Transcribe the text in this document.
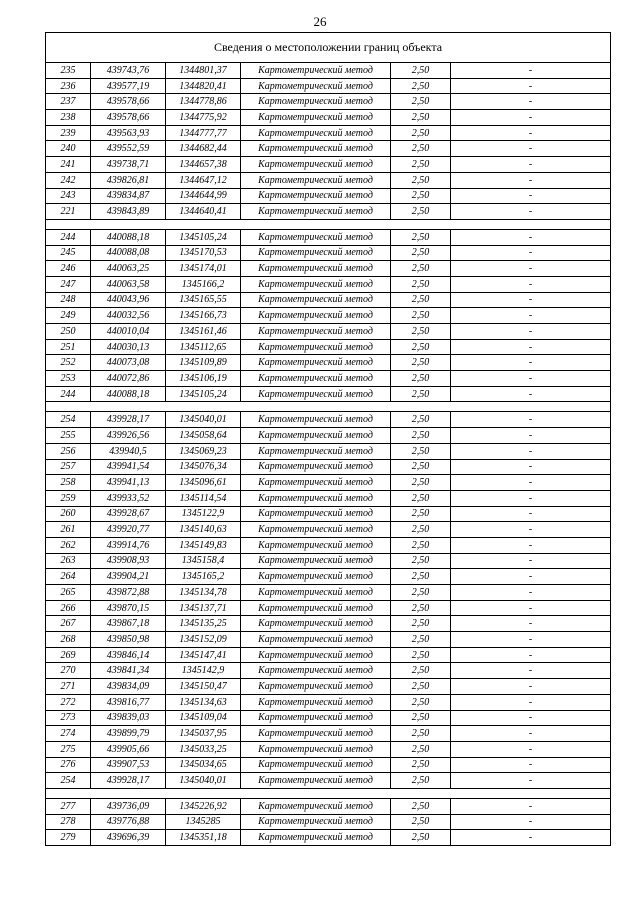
26
Сведения о местоположении границ объекта					
235	439743,76	1344801,37	Картометрический метод	2,50	-
236	439577,19	1344820,41	Картометрический метод	2,50	-
237	439578,66	1344778,86	Картометрический метод	2,50	-
238	439578,66	1344775,92	Картометрический метод	2,50	-
239	439563,93	1344777,77	Картометрический метод	2,50	-
240	439552,59	1344682,44	Картометрический метод	2,50	-
241	439738,71	1344657,38	Картометрический метод	2,50	-
242	439826,81	1344647,12	Картометрический метод	2,50	-
243	439834,87	1344644,99	Картометрический метод	2,50	-
221	439843,89	1344640,41	Картометрический метод	2,50	-

244	440088,18	1345105,24	Картометрический метод	2,50	-
245	440088,08	1345170,53	Картометрический метод	2,50	-
246	440063,25	1345174,01	Картометрический метод	2,50	-
247	440063,58	1345166,2	Картометрический метод	2,50	-
248	440043,96	1345165,55	Картометрический метод	2,50	-
249	440032,56	1345166,73	Картометрический метод	2,50	-
250	440010,04	1345161,46	Картометрический метод	2,50	-
251	440030,13	1345112,65	Картометрический метод	2,50	-
252	440073,08	1345109,89	Картометрический метод	2,50	-
253	440072,86	1345106,19	Картометрический метод	2,50	-
244	440088,18	1345105,24	Картометрический метод	2,50	-

254	439928,17	1345040,01	Картометрический метод	2,50	-
255	439926,56	1345058,64	Картометрический метод	2,50	-
256	439940,5	1345069,23	Картометрический метод	2,50	-
257	439941,54	1345076,34	Картометрический метод	2,50	-
258	439941,13	1345096,61	Картометрический метод	2,50	-
259	439933,52	1345114,54	Картометрический метод	2,50	-
260	439928,67	1345122,9	Картометрический метод	2,50	-
261	439920,77	1345140,63	Картометрический метод	2,50	-
262	439914,76	1345149,83	Картометрический метод	2,50	-
263	439908,93	1345158,4	Картометрический метод	2,50	-
264	439904,21	1345165,2	Картометрический метод	2,50	-
265	439872,88	1345134,78	Картометрический метод	2,50	-
266	439870,15	1345137,71	Картометрический метод	2,50	-
267	439867,18	1345135,25	Картометрический метод	2,50	-
268	439850,98	1345152,09	Картометрический метод	2,50	-
269	439846,14	1345147,41	Картометрический метод	2,50	-
270	439841,34	1345142,9	Картометрический метод	2,50	-
271	439834,09	1345150,47	Картометрический метод	2,50	-
272	439816,77	1345134,63	Картометрический метод	2,50	-
273	439839,03	1345109,04	Картометрический метод	2,50	-
274	439899,79	1345037,95	Картометрический метод	2,50	-
275	439905,66	1345033,25	Картометрический метод	2,50	-
276	439907,53	1345034,65	Картометрический метод	2,50	-
254	439928,17	1345040,01	Картометрический метод	2,50	-

277	439736,09	1345226,92	Картометрический метод	2,50	-
278	439776,88	1345285	Картометрический метод	2,50	-
279	439696,39	1345351,18	Картометрический метод	2,50	-
